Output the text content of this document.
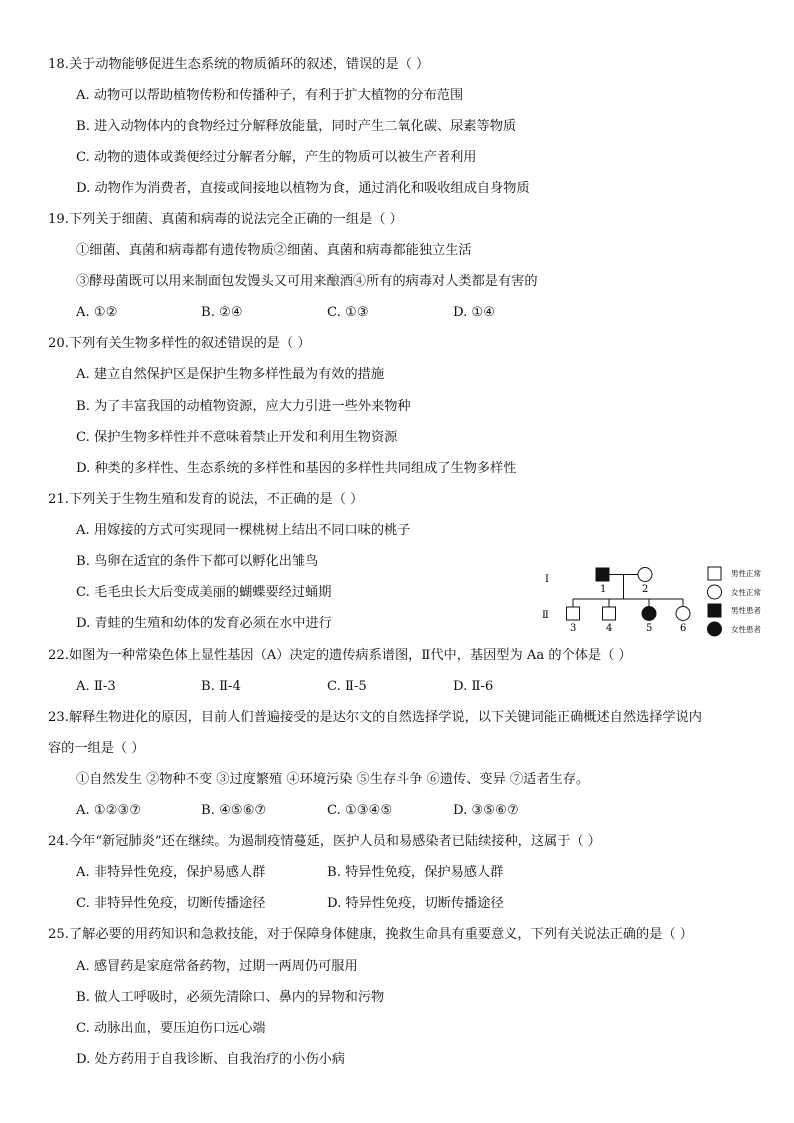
18.关于动物能够促进生态系统的物质循环的叙述，错误的是（ ）
A. 动物可以帮助植物传粉和传播种子，有利于扩大植物的分布范围
B. 进入动物体内的食物经过分解释放能量，同时产生二氧化碳、尿素等物质
C. 动物的遗体或粪便经过分解者分解，产生的物质可以被生产者利用
D. 动物作为消费者，直接或间接地以植物为食，通过消化和吸收组成自身物质
19.下列关于细菌、真菌和病毒的说法完全正确的一组是（ ）
①细菌、真菌和病毒都有遗传物质②细菌、真菌和病毒都能独立生活
③酵母菌既可以用来制面包发馒头又可用来酿酒④所有的病毒对人类都是有害的
A. ①②	B. ②④	C. ①③	D. ①④
20.下列有关生物多样性的叙述错误的是（ ）
A. 建立自然保护区是保护生物多样性最为有效的措施
B. 为了丰富我国的动植物资源，应大力引进一些外来物种
C. 保护生物多样性并不意味着禁止开发和利用生物资源
D. 种类的多样性、生态系统的多样性和基因的多样性共同组成了生物多样性
21.下列关于生物生殖和发育的说法，不正确的是（ ）
A. 用嫁接的方式可实现同一棵桃树上结出不同口味的桃子
B. 鸟卵在适宜的条件下都可以孵化出雏鸟
C. 毛毛虫长大后变成美丽的蝴蝶要经过蛹期
D. 青蛙的生殖和幼体的发育必须在水中进行
I
Ⅱ
1	2
3	4	5	6
男性正常
女性正常
男性患者
女性患者
22.如图为一种常染色体上显性基因（A）决定的遗传病系谱图，Ⅱ代中，基因型为 Aa 的个体是（ ）
A. Ⅱ-3	B. Ⅱ-4	C. Ⅱ-5	D. Ⅱ-6
23.解释生物进化的原因，目前人们普遍接受的是达尔文的自然选择学说，以下关键词能正确概述自然选择学说内
容的一组是（ ）
①自然发生 ②物种不变 ③过度繁殖 ④环境污染 ⑤生存斗争 ⑥遗传、变异 ⑦适者生存。
A. ①②③⑦	B. ④⑤⑥⑦	C. ①③④⑤	D. ③⑤⑥⑦
24.今年“新冠肺炎”还在继续。为遏制疫情蔓延，医护人员和易感染者已陆续接种，这属于（ ）
A. 非特异性免疫，保护易感人群	B. 特异性免疫，保护易感人群
C. 非特异性免疫，切断传播途径	D. 特异性免疫，切断传播途径
25.了解必要的用药知识和急救技能，对于保障身体健康，挽救生命具有重要意义，下列有关说法正确的是（ ）
A. 感冒药是家庭常备药物，过期一两周仍可服用
B. 做人工呼吸时，必须先清除口、鼻内的异物和污物
C. 动脉出血，要压迫伤口远心端
D. 处方药用于自我诊断、自我治疗的小伤小病
